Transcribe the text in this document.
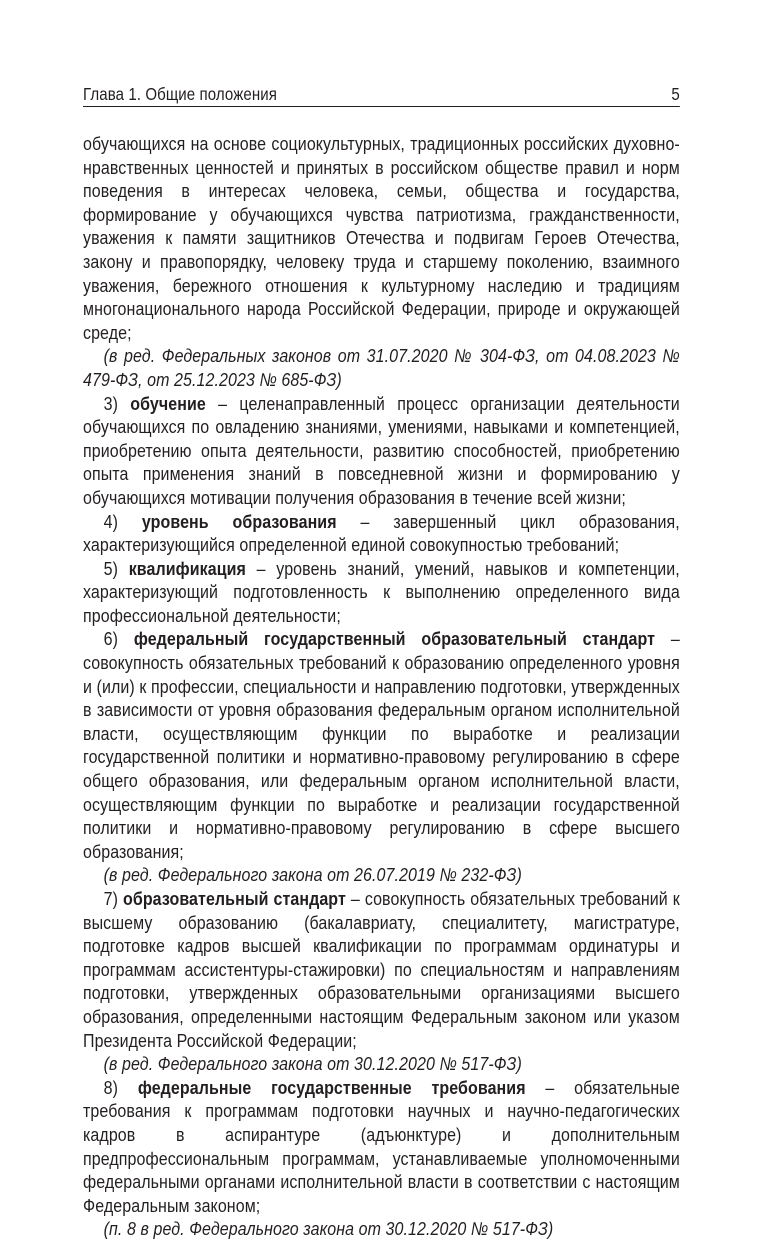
Глава 1. Общие положения	5

обучающихся на основе социокультурных, традиционных российских духовно-нравственных ценностей и принятых в российском обществе правил и норм поведения в интересах человека, семьи, общества и государства, формирование у обучающихся чувства патриотизма, гражданственности, уважения к памяти защитников Отечества и подвигам Героев Отечества, закону и правопорядку, человеку труда и старшему поколению, взаимного уважения, бережного отношения к культурному наследию и традициям многонационального народа Российской Федерации, природе и окружающей среде;

(в ред. Федеральных законов от 31.07.2020 № 304-ФЗ, от 04.08.2023 № 479-ФЗ, от 25.12.2023 № 685-ФЗ)

3) обучение – целенаправленный процесс организации деятельности обучающихся по овладению знаниями, умениями, навыками и компетенцией, приобретению опыта деятельности, развитию способностей, приобретению опыта применения знаний в повседневной жизни и формированию у обучающихся мотивации получения образования в течение всей жизни;

4) уровень образования – завершенный цикл образования, характеризующийся определенной единой совокупностью требований;

5) квалификация – уровень знаний, умений, навыков и компетенции, характеризующий подготовленность к выполнению определенного вида профессиональной деятельности;

6) федеральный государственный образовательный стандарт – совокупность обязательных требований к образованию определенного уровня и (или) к профессии, специальности и направлению подготовки, утвержденных в зависимости от уровня образования федеральным органом исполнительной власти, осуществляющим функции по выработке и реализации государственной политики и нормативно-правовому регулированию в сфере общего образования, или федеральным органом исполнительной власти, осуществляющим функции по выработке и реализации государственной политики и нормативно-правовому регулированию в сфере высшего образования;

(в ред. Федерального закона от 26.07.2019 № 232-ФЗ)

7) образовательный стандарт – совокупность обязательных требований к высшему образованию (бакалавриату, специалитету, магистратуре, подготовке кадров высшей квалификации по программам ординатуры и программам ассистентуры-стажировки) по специальностям и направлениям подготовки, утвержденных образовательными организациями высшего образования, определенными настоящим Федеральным законом или указом Президента Российской Федерации;

(в ред. Федерального закона от 30.12.2020 № 517-ФЗ)

8) федеральные государственные требования – обязательные требования к программам подготовки научных и научно-педагогических кадров в аспирантуре (адъюнктуре) и дополнительным предпрофессиональным программам, устанавливаемые уполномоченными федеральными органами исполнительной власти в соответствии с настоящим Федеральным законом;

(п. 8 в ред. Федерального закона от 30.12.2020 № 517-ФЗ)
